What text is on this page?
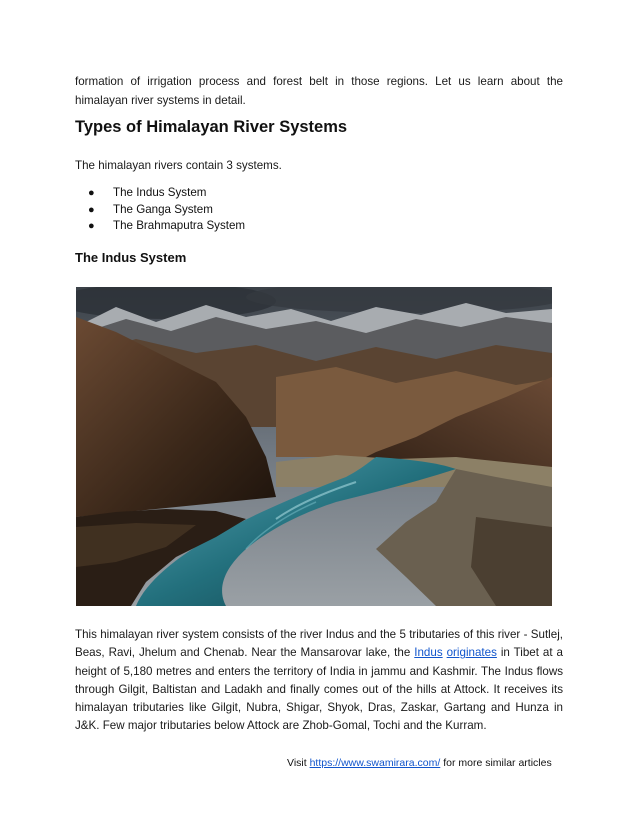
formation of irrigation process and forest belt in those regions. Let us learn about the himalayan river systems in detail.

Types of Himalayan River Systems

The himalayan rivers contain 3 systems.

● The Indus System
● The Ganga System
● The Brahmaputra System
The Indus System

This himalayan river system consists of the river Indus and the 5 tributaries of this river - Sutlej, Beas, Ravi, Jhelum and Chenab. Near the Mansarovar lake, the Indus originates in Tibet at a height of 5,180 metres and enters the territory of India in jammu and Kashmir. The Indus flows through Gilgit, Baltistan and Ladakh and finally comes out of the hills at Attock. It receives its himalayan tributaries like Gilgit, Nubra, Shigar, Shyok, Dras, Zaskar, Gartang and Hunza in J&K. Few major tributaries below Attock are Zhob-Gomal, Tochi and the Kurram.

Visit https://www.swamirara.com/ for more similar articles
